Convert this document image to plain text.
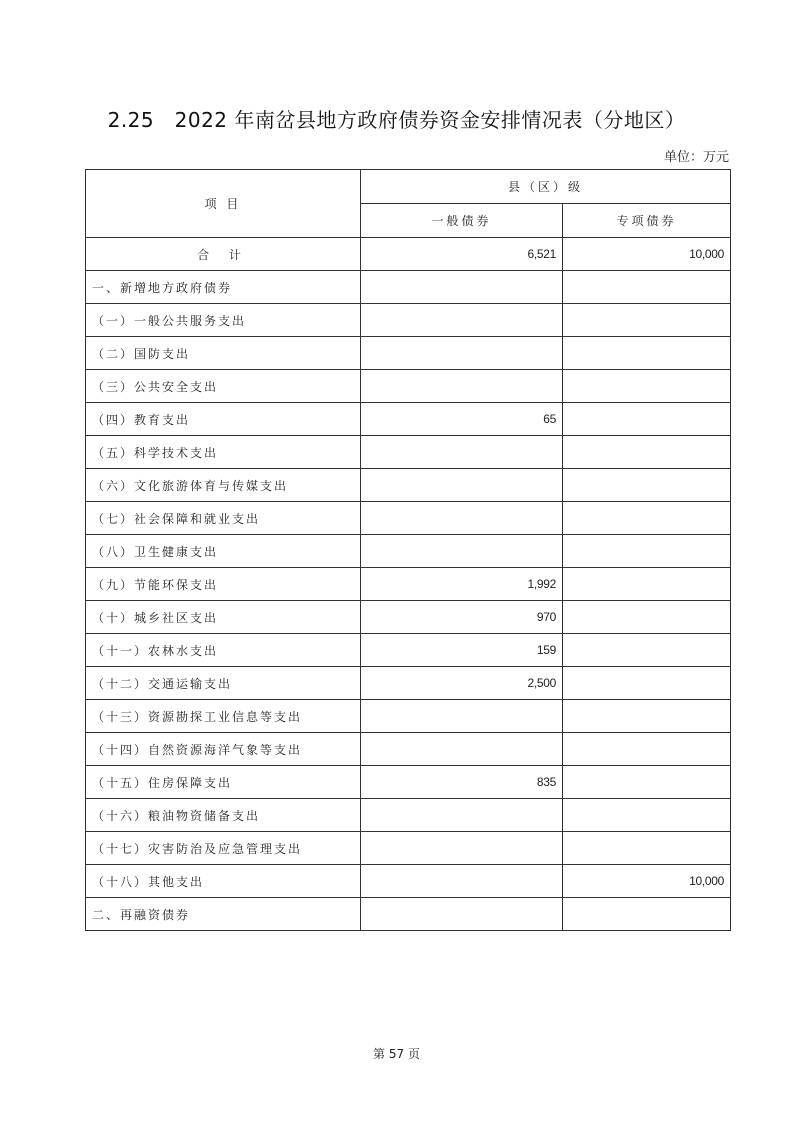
2.25　2022 年南岔县地方政府债券资金安排情况表（分地区）
单位：万元
项 目	县（区）级	
	一般债券	专项债券
合 计	6,521	10,000
一、新增地方政府债券		
（一）一般公共服务支出		
（二）国防支出		
（三）公共安全支出		
（四）教育支出	65	
（五）科学技术支出		
（六）文化旅游体育与传媒支出		
（七）社会保障和就业支出		
（八）卫生健康支出		
（九）节能环保支出	1,992	
（十）城乡社区支出	970	
（十一）农林水支出	159	
（十二）交通运输支出	2,500	
（十三）资源勘探工业信息等支出		
（十四）自然资源海洋气象等支出		
（十五）住房保障支出	835	
（十六）粮油物资储备支出		
（十七）灾害防治及应急管理支出		
（十八）其他支出		10,000
二、再融资债券		
第 57 页
